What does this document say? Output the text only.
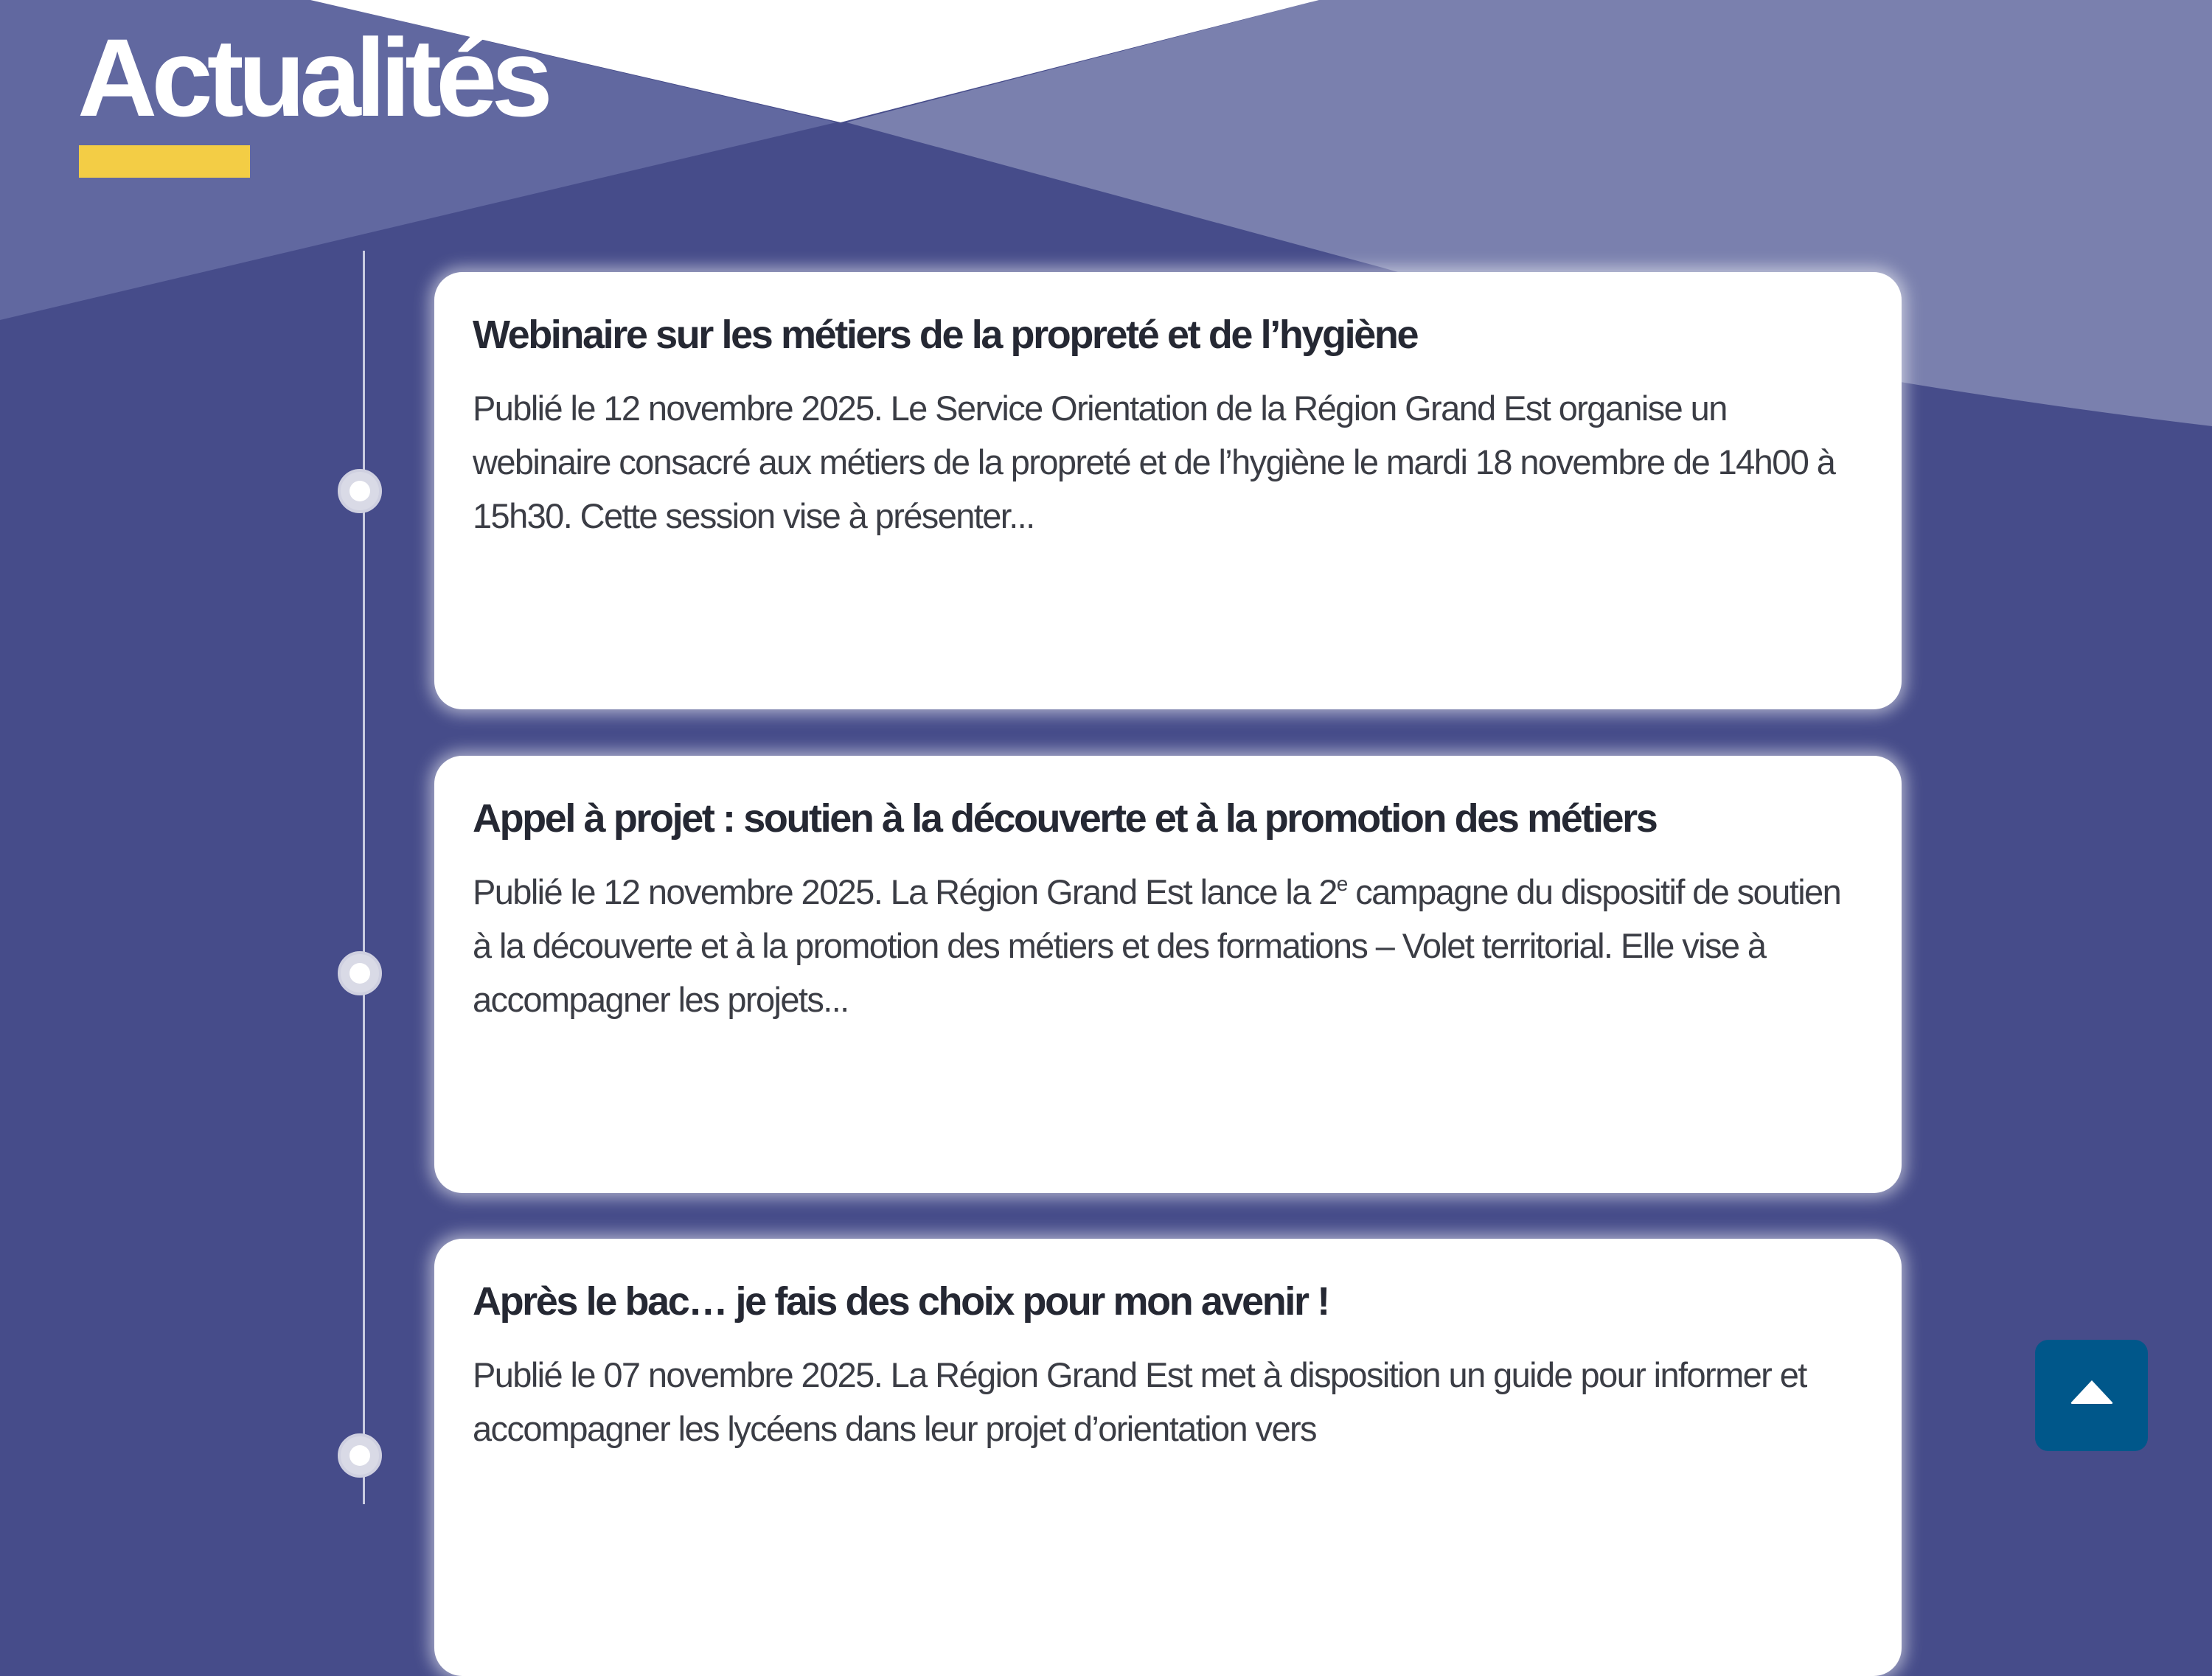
Actualités
Webinaire sur les métiers de la propreté et de l’hygiène

Publié le 12 novembre 2025. Le Service Orientation de la Région Grand Est organise un webinaire consacré aux métiers de la propreté et de l’hygiène le mardi 18 novembre de 14h00 à 15h30. Cette session vise à présenter...

Appel à projet : soutien à la découverte et à la promotion des métiers

Publié le 12 novembre 2025. La Région Grand Est lance la 2e campagne du dispositif de soutien à la découverte et à la promotion des métiers et des formations – Volet territorial. Elle vise à accompagner les projets...

Après le bac… je fais des choix pour mon avenir !

Publié le 07 novembre 2025. La Région Grand Est met à disposition un guide pour informer et accompagner les lycéens dans leur projet d’orientation vers
